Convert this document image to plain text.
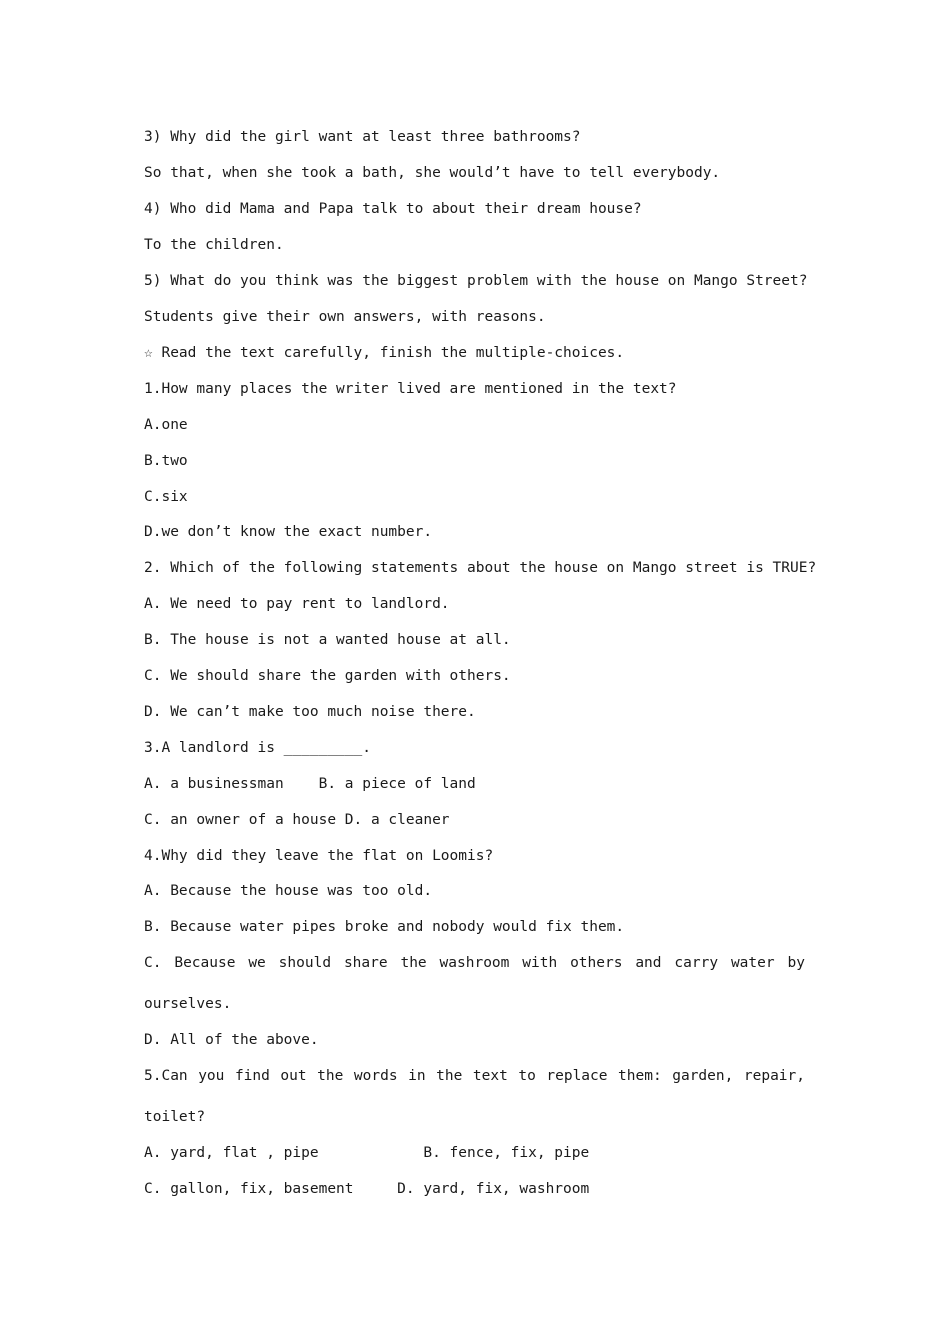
3) Why did the girl want at least three bathrooms?

So that, when she took a bath, she would’t have to tell everybody.

4) Who did Mama and Papa talk to about their dream house?

To the children.

5) What do you think was the biggest problem with the house on Mango Street?

Students give their own answers, with reasons.

☆ Read the text carefully, finish the multiple-choices.

1.How many places the writer lived are mentioned in the text?

A.one

B.two

C.six

D.we don’t know the exact number.

2. Which of the following statements about the house on Mango street is TRUE?

A. We need to pay rent to landlord.

B. The house is not a wanted house at all.

C. We should share the garden with others.

D. We can’t make too much noise there.

3.A landlord is _________.

A. a businessman    B. a piece of land

C. an owner of a house D. a cleaner

4.Why did they leave the flat on Loomis?

A. Because the house was too old.

B. Because water pipes broke and nobody would fix them.

C. Because we should share the washroom with others and carry water by

ourselves.

D. All of the above.

5.Can you find out the words in the text to replace them: garden, repair,

toilet?

A. yard, flat , pipe            B. fence, fix, pipe

C. gallon, fix, basement     D. yard, fix, washroom
